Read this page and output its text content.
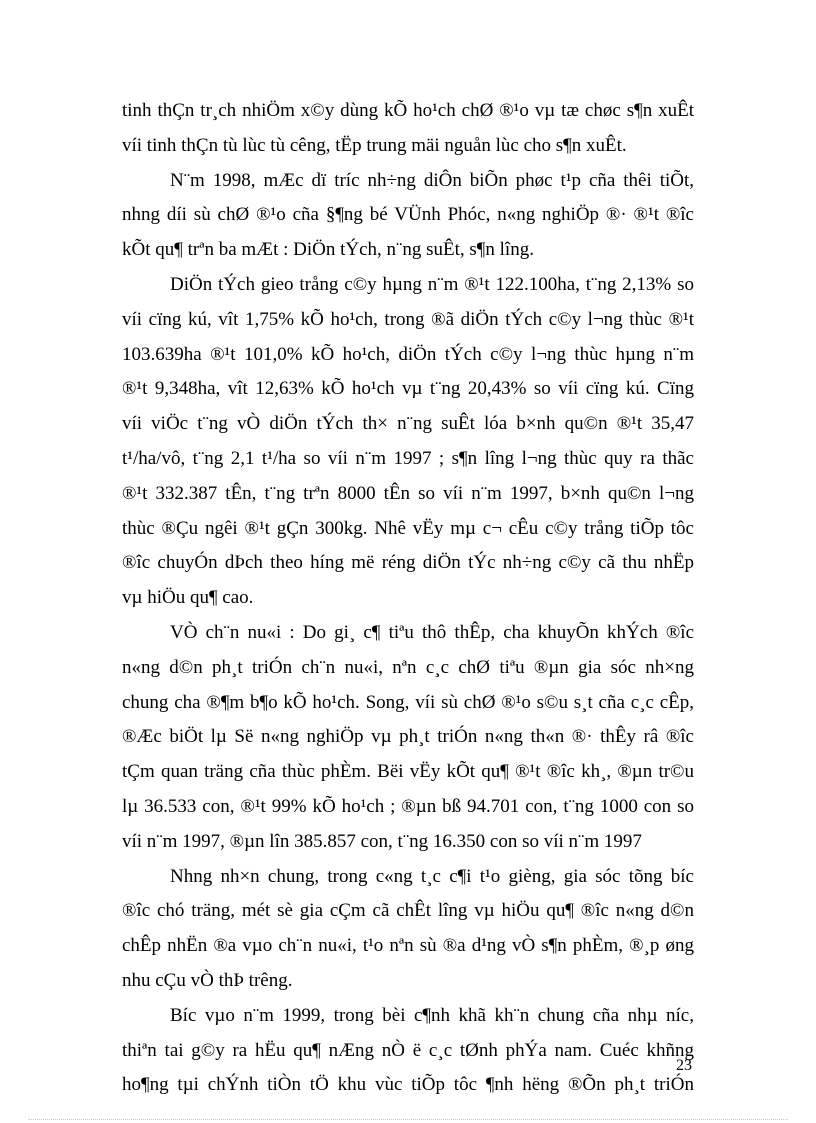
tinh thÇn tr¸ch nhiÖm x©y dùng kÕ ho¹ch chØ ®¹o vµ tæ chøc s¶n xuÊt
víi tinh thÇn tù lùc tù cêng, tËp trung mäi nguån lùc cho s¶n xuÊt.
N¨m 1998, mÆc dï tríc nh÷ng diÔn biÕn phøc t¹p cña thêi tiÕt,
nhng díi sù chØ ®¹o cña §¶ng bé VÜnh Phóc, n«ng nghiÖp ®· ®¹t ®îc
kÕt qu¶ trªn ba mÆt : DiÖn tÝch, n¨ng suÊt, s¶n lîng.
DiÖn tÝch gieo trång c©y hµng n¨m ®¹t 122.100ha, t¨ng 2,13% so
víi cïng kú, vît 1,75% kÕ ho¹ch, trong ®ã diÖn tÝch c©y l¬ng thùc ®¹t
103.639ha ®¹t 101,0% kÕ ho¹ch, diÖn tÝch c©y l¬ng thùc hµng n¨m
®¹t 9,348ha, vît 12,63% kÕ ho¹ch vµ t¨ng 20,43% so víi cïng kú. Cïng
víi viÖc t¨ng vÒ diÖn tÝch th× n¨ng suÊt lóa b×nh qu©n ®¹t 35,47
t¹/ha/vô, t¨ng 2,1 t¹/ha so víi n¨m 1997 ; s¶n lîng l¬ng thùc quy ra thãc
®¹t 332.387 tÊn, t¨ng trªn 8000 tÊn so víi n¨m 1997, b×nh qu©n l¬ng
thùc ®Çu ngêi ®¹t gÇn 300kg. Nhê vËy mµ c¬ cÊu c©y trång tiÕp tôc
®îc chuyÓn dÞch theo híng më réng diÖn tÝc nh÷ng c©y cã thu nhËp
vµ hiÖu qu¶ cao.
VÒ ch¨n nu«i : Do gi¸ c¶ tiªu thô thÊp, cha khuyÕn khÝch ®îc
n«ng d©n ph¸t triÓn ch¨n nu«i, nªn c¸c chØ tiªu ®µn gia sóc nh×ng
chung cha ®¶m b¶o kÕ ho¹ch. Song, víi sù chØ ®¹o s©u s¸t cña c¸c cÊp,
®Æc biÖt lµ Së n«ng nghiÖp vµ ph¸t triÓn n«ng th«n ®· thÊy râ ®îc
tÇm quan träng cña thùc phÈm. Bëi vËy kÕt qu¶ ®¹t ®îc kh¸, ®µn tr©u
lµ 36.533 con, ®¹t 99% kÕ ho¹ch ; ®µn bß 94.701 con, t¨ng 1000 con so
víi n¨m 1997, ®µn lîn 385.857 con, t¨ng 16.350 con so víi n¨m 1997
Nhng nh×n chung, trong c«ng t¸c c¶i t¹o gièng, gia sóc tõng bíc
®îc chó träng, mét sè gia cÇm cã chÊt lîng vµ hiÖu qu¶ ®îc n«ng d©n
chÊp nhËn ®a vµo ch¨n nu«i, t¹o nªn sù ®a d¹ng vÒ s¶n phÈm, ®¸p øng
nhu cÇu vÒ thÞ trêng.
Bíc vµo n¨m 1999, trong bèi c¶nh khã kh¨n chung cña nhµ níc,
thiªn tai g©y ra hËu qu¶ nÆng nÒ ë c¸c tØnh phÝa nam. Cuéc khñng
ho¶ng tµi chÝnh tiÒn tÖ khu vùc tiÕp tôc ¶nh hëng ®Õn ph¸t triÓn
23
